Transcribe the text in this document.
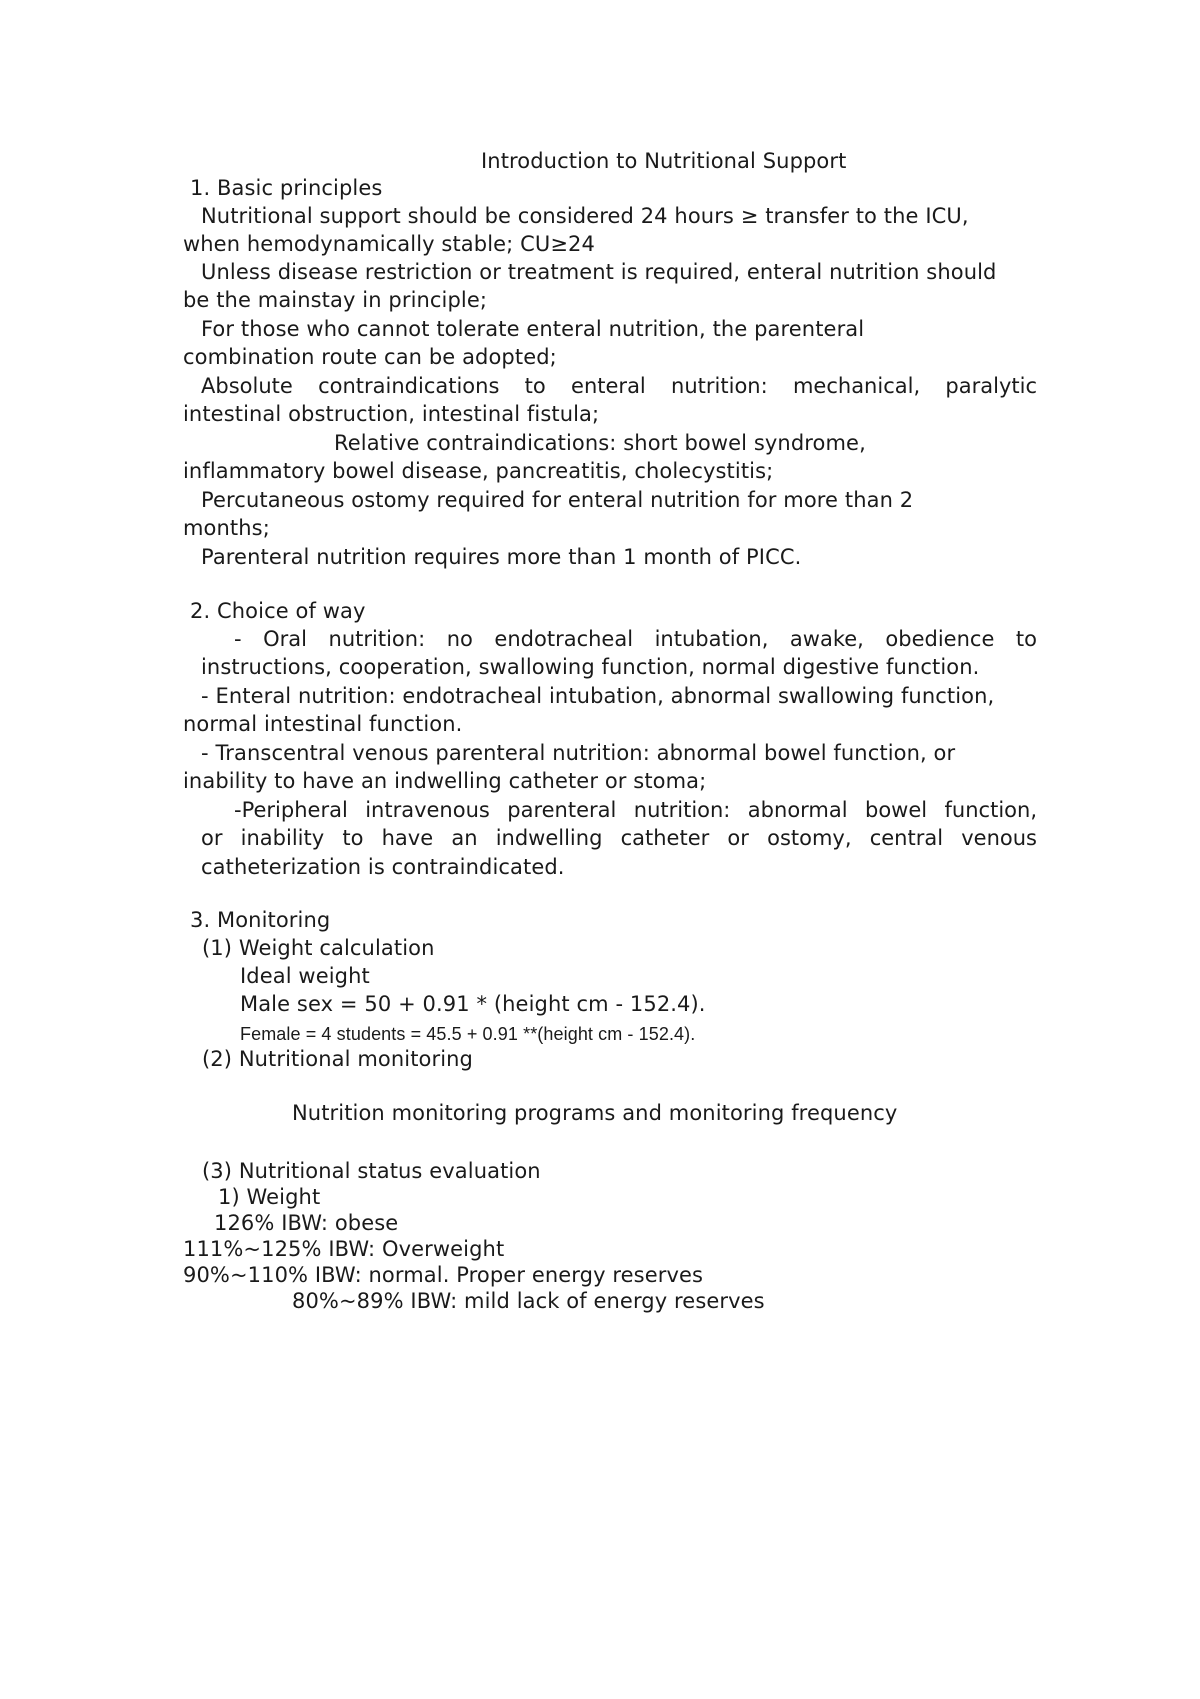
Introduction to Nutritional Support
1. Basic principles
Nutritional support should be considered 24 hours ≥ transfer to the ICU,
when hemodynamically stable; CU≥24
Unless disease restriction or treatment is required, enteral nutrition should
be the mainstay in principle;
For those who cannot tolerate enteral nutrition, the parenteral
combination route can be adopted;
Absolute contraindications to enteral nutrition: mechanical, paralytic
intestinal obstruction, intestinal fistula;
Relative contraindications: short bowel syndrome,
inflammatory bowel disease, pancreatitis, cholecystitis;
Percutaneous ostomy required for enteral nutrition for more than 2
months;
Parenteral nutrition requires more than 1 month of PICC.
2. Choice of way
- Oral nutrition: no endotracheal intubation, awake, obedience to
instructions, cooperation, swallowing function, normal digestive function.
- Enteral nutrition: endotracheal intubation, abnormal swallowing function,
normal intestinal function.
- Transcentral venous parenteral nutrition: abnormal bowel function, or
inability to have an indwelling catheter or stoma;
-Peripheral intravenous parenteral nutrition: abnormal bowel function,
or inability to have an indwelling catheter or ostomy, central venous
catheterization is contraindicated.
3. Monitoring
(1) Weight calculation
Ideal weight
Male sex = 50 + 0.91 * (height cm - 152.4).
Female = 4 students = 45.5 + 0.91 **(height cm - 152.4).
(2) Nutritional monitoring
Nutrition monitoring programs and monitoring frequency
(3) Nutritional status evaluation
1) Weight
126% IBW: obese
111%~125% IBW: Overweight
90%~110% IBW: normal. Proper energy reserves
80%~89% IBW: mild lack of energy reserves
